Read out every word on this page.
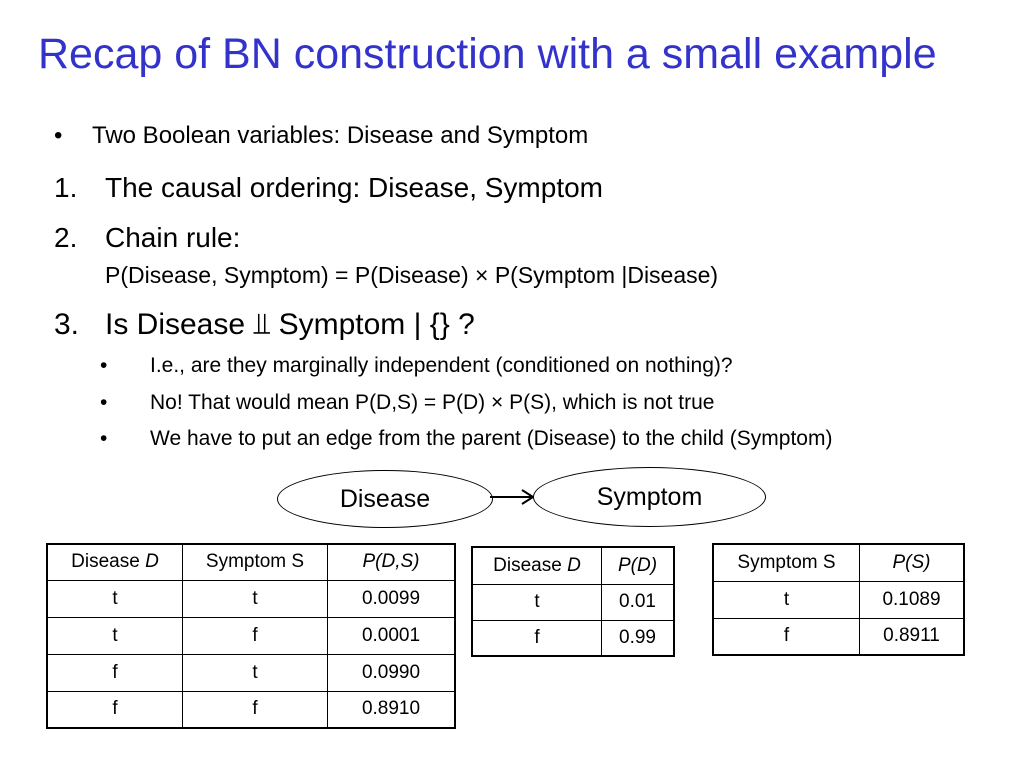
Recap of BN construction with a small example
• Two Boolean variables: Disease and Symptom
1. The causal ordering: Disease, Symptom
2. Chain rule:
P(Disease, Symptom) = P(Disease) × P(Symptom |Disease)
3. Is Disease ⫫ Symptom | {} ?
• I.e., are they marginally independent (conditioned on nothing)?
• No! That would mean P(D,S) = P(D) × P(S), which is not true
• We have to put an edge from the parent (Disease) to the child (Symptom)
Disease	Symptom
Disease D	Symptom S	P(D,S)
t	t	0.0099
t	f	0.0001
f	t	0.0990
f	f	0.8910
Disease D	P(D)
t	0.01
f	0.99
Symptom S	P(S)
t	0.1089
f	0.8911
